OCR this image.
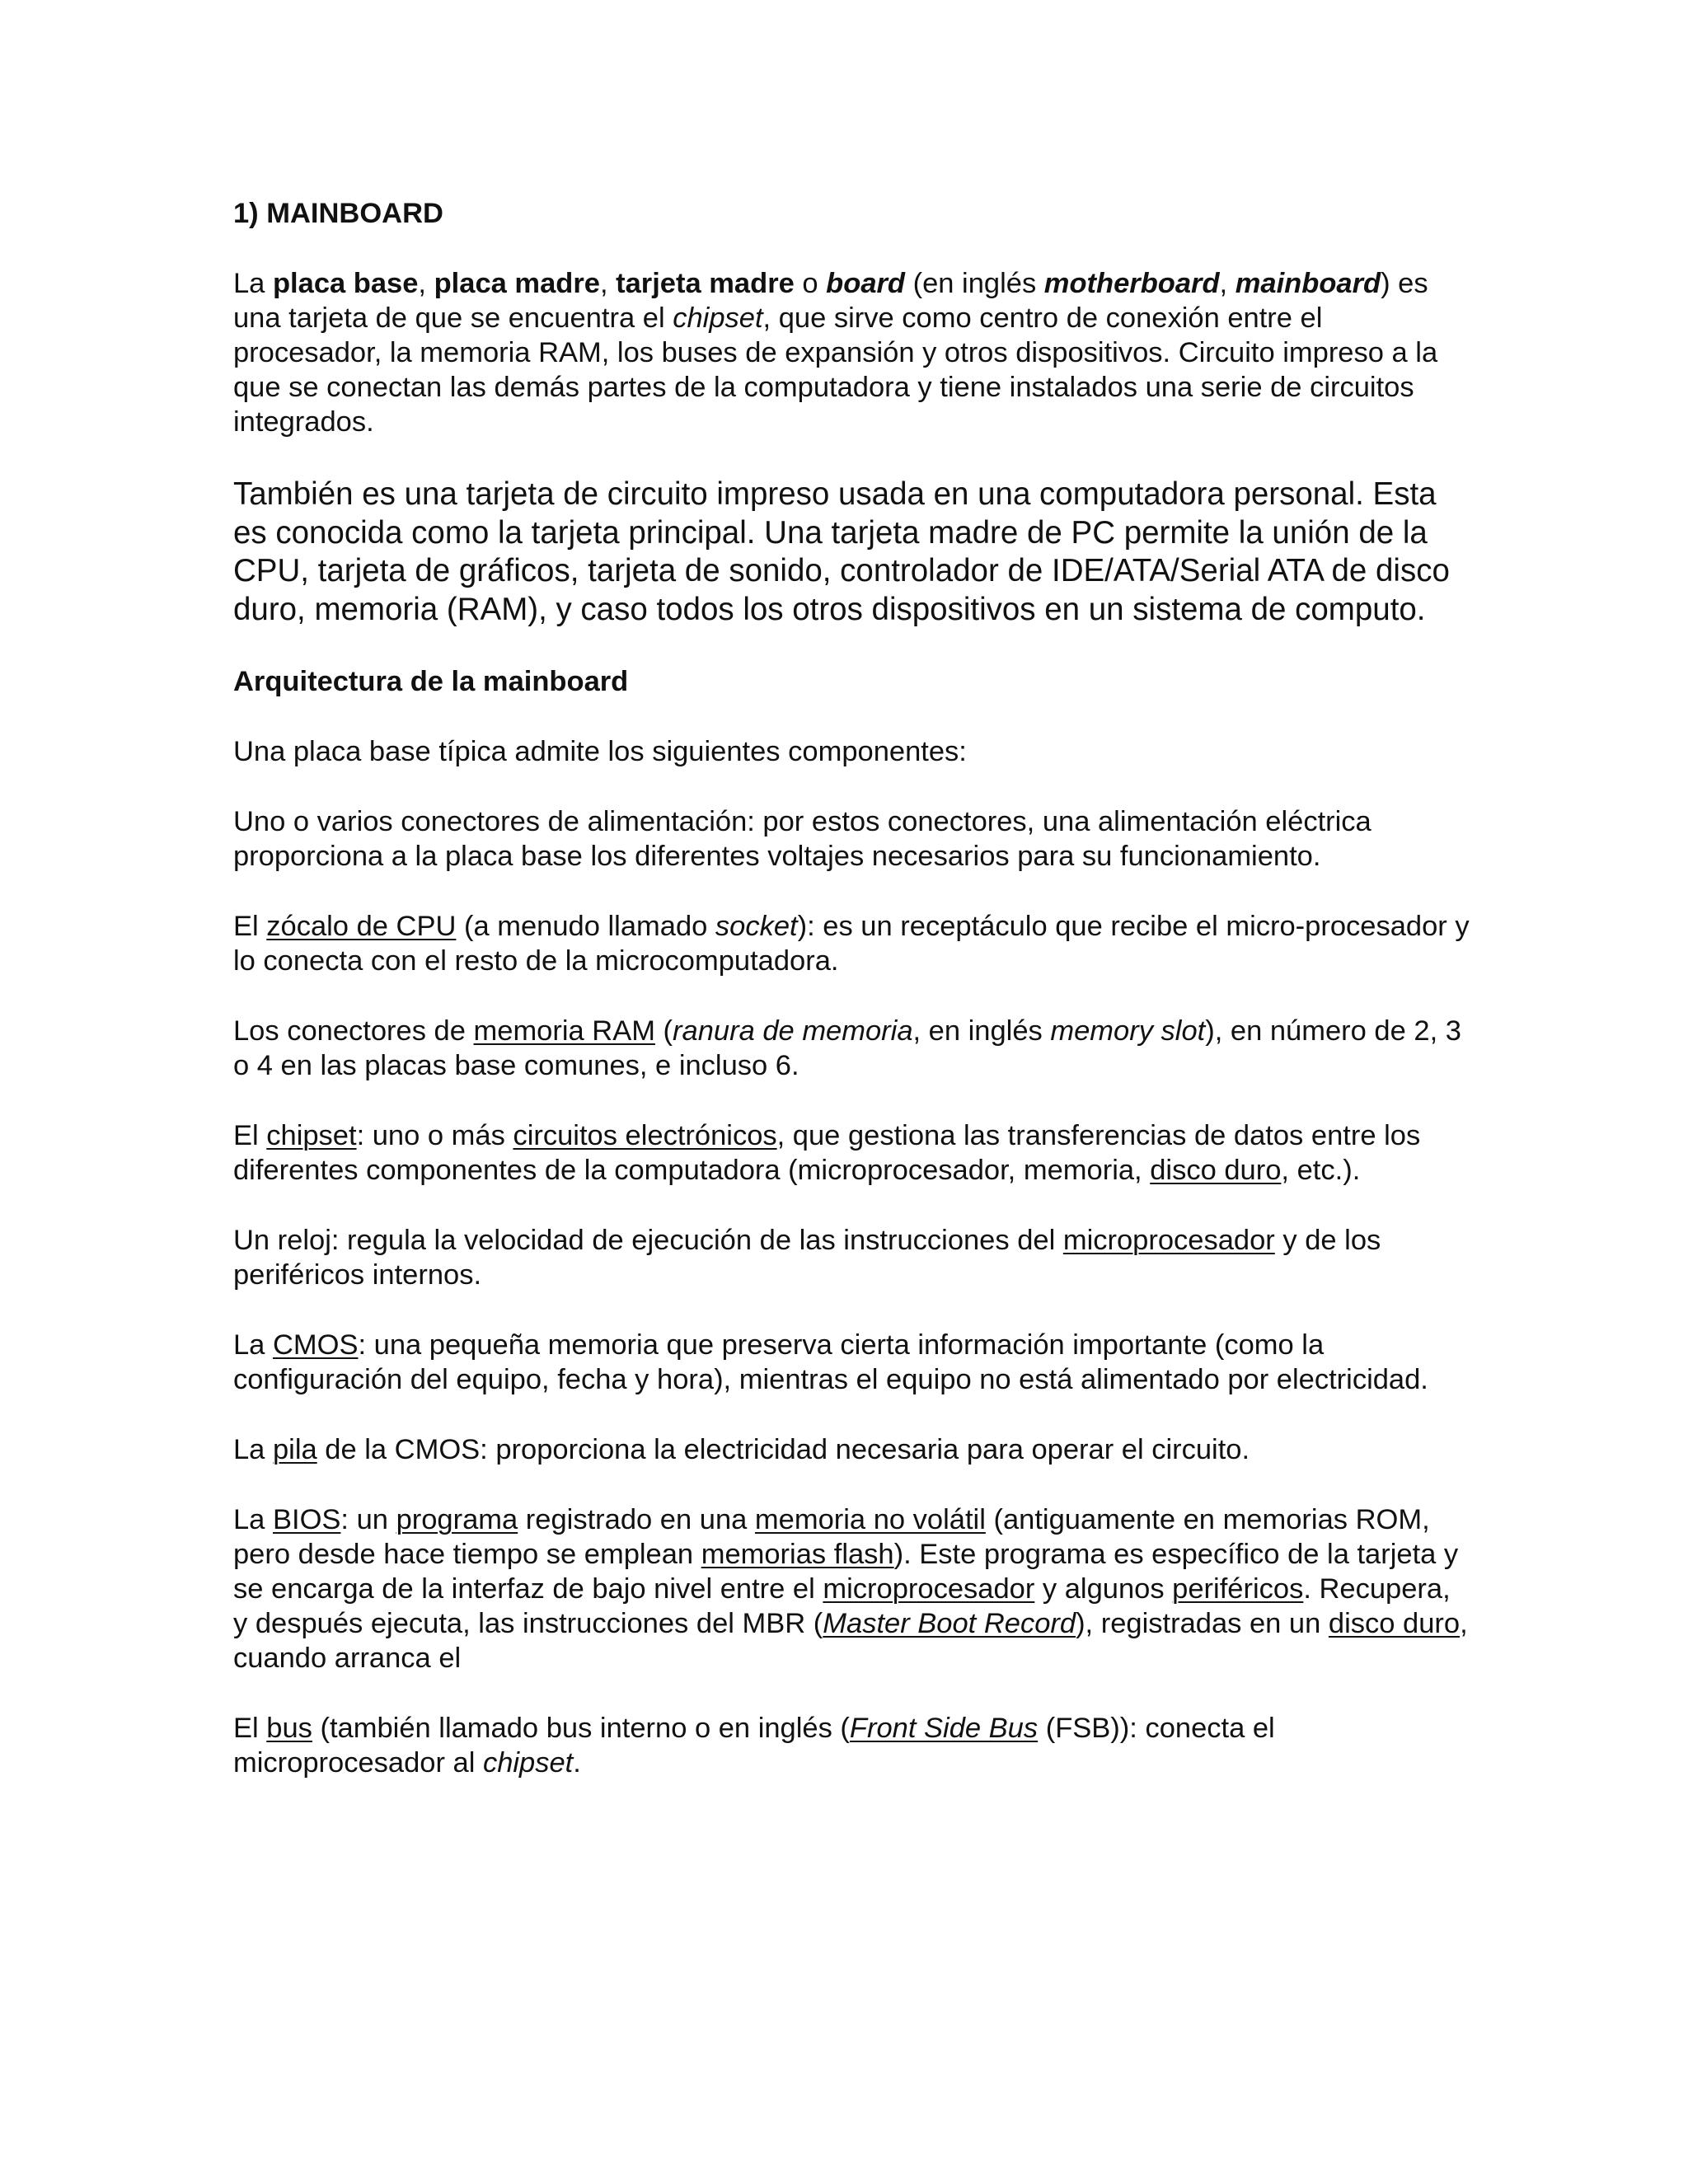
1) MAINBOARD

La placa base, placa madre, tarjeta madre o board (en inglés motherboard, mainboard) es una tarjeta de que se encuentra el chipset, que sirve como centro de conexión entre el procesador, la memoria RAM, los buses de expansión y otros dispositivos. Circuito impreso a la que se conectan las demás partes de la computadora y tiene instalados una serie de circuitos integrados.

También es una tarjeta de circuito impreso usada en una computadora personal. Esta es conocida como la tarjeta principal. Una tarjeta madre de PC permite la unión de la CPU, tarjeta de gráficos, tarjeta de sonido, controlador de IDE/ATA/Serial ATA de disco duro, memoria (RAM), y caso todos los otros dispositivos en un sistema de computo.

Arquitectura de la mainboard

Una placa base típica admite los siguientes componentes:

Uno o varios conectores de alimentación: por estos conectores, una alimentación eléctrica proporciona a la placa base los diferentes voltajes necesarios para su funcionamiento.

El zócalo de CPU (a menudo llamado socket): es un receptáculo que recibe el micro-procesador y lo conecta con el resto de la microcomputadora.

Los conectores de memoria RAM (ranura de memoria, en inglés memory slot), en número de 2, 3 o 4 en las placas base comunes, e incluso 6.

El chipset: uno o más circuitos electrónicos, que gestiona las transferencias de datos entre los diferentes componentes de la computadora (microprocesador, memoria, disco duro, etc.).

Un reloj: regula la velocidad de ejecución de las instrucciones del microprocesador y de los periféricos internos.

La CMOS: una pequeña memoria que preserva cierta información importante (como la configuración del equipo, fecha y hora), mientras el equipo no está alimentado por electricidad.

La pila de la CMOS: proporciona la electricidad necesaria para operar el circuito.

La BIOS: un programa registrado en una memoria no volátil (antiguamente en memorias ROM, pero desde hace tiempo se emplean memorias flash). Este programa es específico de la tarjeta y se encarga de la interfaz de bajo nivel entre el microprocesador y algunos periféricos. Recupera, y después ejecuta, las instrucciones del MBR (Master Boot Record), registradas en un disco duro, cuando arranca el

El bus (también llamado bus interno o en inglés (Front Side Bus (FSB)): conecta el microprocesador al chipset.
